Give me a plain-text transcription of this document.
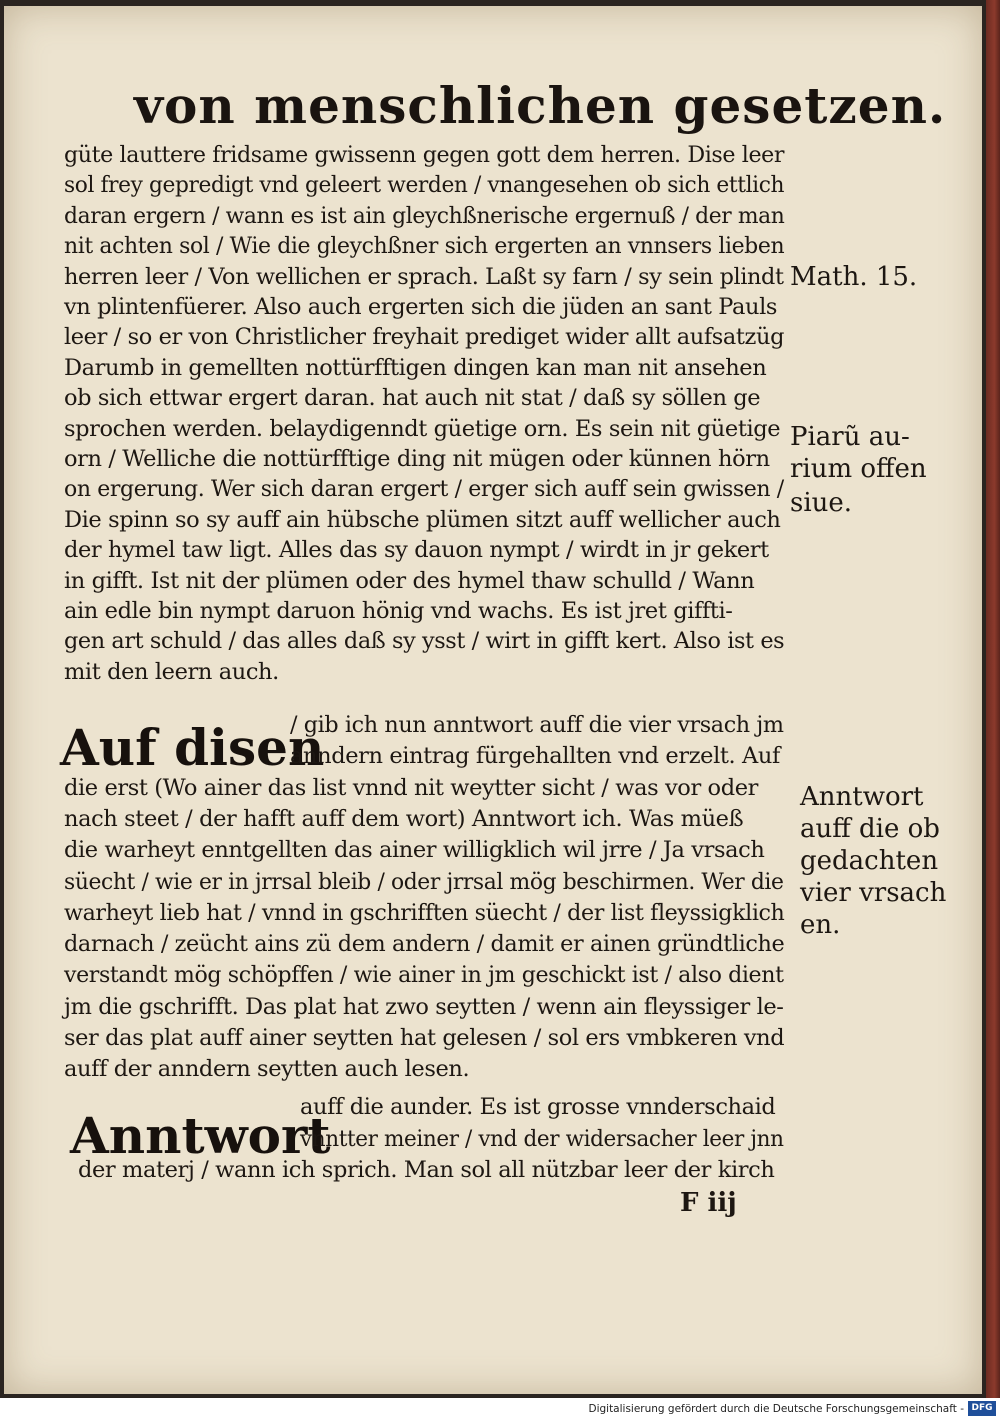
von menschlichen gesetzen.
güte lauttere fridsame gwissenn gegen gott dem herren. Dise leer
sol frey gepredigt vnd geleert werden / vnangesehen ob sich ettlich
daran ergern / wann es ist ain gleychßnerische ergernuß / der man
nit achten sol / Wie die gleychßner sich ergerten an vnnsers lieben
herren leer / Von wellichen er sprach. Laßt sy farn / sy sein plindt
vn plintenfüerer. Also auch ergerten sich die jüden an sant Pauls
leer / so er von Christlicher freyhait prediget wider allt aufsatzüg
Darumb in gemellten nottürfftigen dingen kan man nit ansehen
ob sich ettwar ergert daran. hat auch nit stat / daß sy söllen ge
sprochen werden. belaydigenndt güetige orn. Es sein nit güetige
orn / Welliche die nottürfftige ding nit mügen oder künnen hörn
on ergerung. Wer sich daran ergert / erger sich auff sein gwissen /
Die spinn so sy auff ain hübsche plümen sitzt auff wellicher auch
der hymel taw ligt. Alles das sy dauon nympt / wirdt in jr gekert
in gifft. Ist nit der plümen oder des hymel thaw schulld / Wann
ain edle bin nympt daruon hönig vnd wachs. Es ist jret giffti-
gen art schuld / das alles daß sy ysst / wirt in gifft kert. Also ist es
mit den leern auch.
Auf disen
/ gib ich nun anntwort auff die vier vrsach jm
anndern eintrag fürgehallten vnd erzelt. Auf
die erst (Wo ainer das list vnnd nit weytter sicht / was vor oder
nach steet / der hafft auff dem wort) Anntwort ich. Was müeß
die warheyt enntgellten das ainer willigklich wil jrre / Ja vrsach
süecht / wie er in jrrsal bleib / oder jrrsal mög beschirmen. Wer die
warheyt lieb hat / vnnd in gschrifften süecht / der list fleyssigklich
darnach / zeücht ains zü dem andern / damit er ainen gründtliche
verstandt mög schöpffen / wie ainer in jm geschickt ist / also dient
jm die gschrifft. Das plat hat zwo seytten / wenn ain fleyssiger le-
ser das plat auff ainer seytten hat gelesen / sol ers vmbkeren vnd
auff der anndern seytten auch lesen.
Anntwort
auff die aunder. Es ist grosse vnnderschaid
vnntter meiner / vnd der widersacher leer jnn
der materj / wann ich sprich. Man sol all nützbar leer der kirch
F iij
Math. 15.
Piarũ au-
rium offen
siue.
Anntwort
auff die ob
gedachten
vier vrsach
en.
Digitalisierung gefördert durch die Deutsche Forschungsgemeinschaft - DFG
